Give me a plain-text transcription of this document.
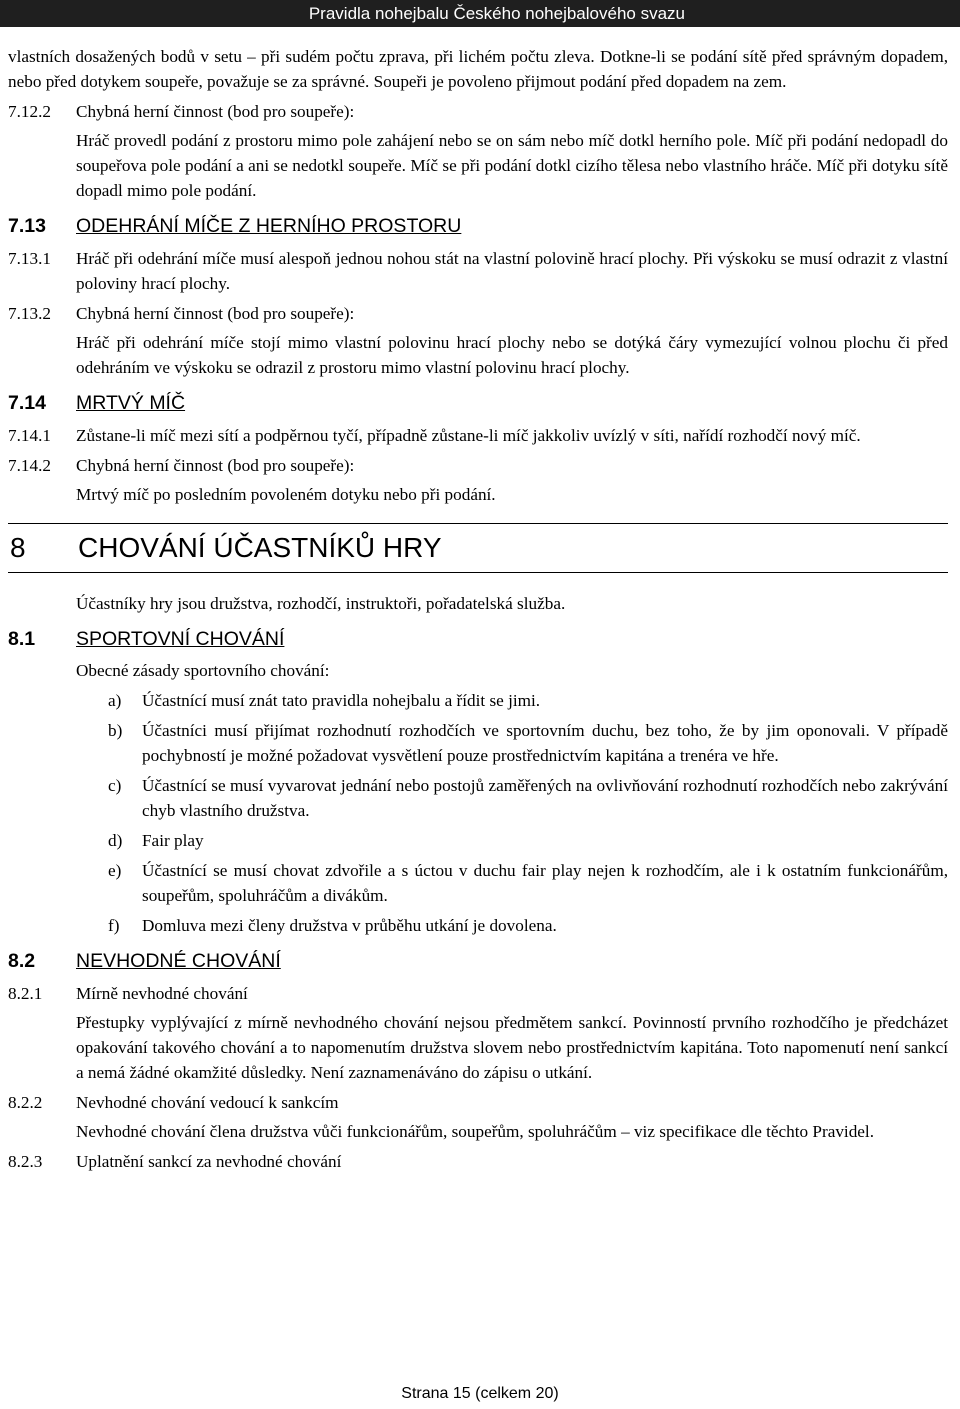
Pravidla nohejbalu Českého nohejbalového svazu

vlastních dosažených bodů v setu – při sudém počtu zprava, při lichém počtu zleva. Dotkne-li se podání sítě před správným dopadem, nebo před dotykem soupeře, považuje se za správné. Soupeři je povoleno přijmout podání před dopadem na zem.

7.12.2	Chybná herní činnost (bod pro soupeře):

Hráč provedl podání z prostoru mimo pole zahájení nebo se on sám nebo míč dotkl herního pole. Míč při podání nedopadl do soupeřova pole podání a ani se nedotkl soupeře. Míč se při podání dotkl cizího tělesa nebo vlastního hráče. Míč při dotyku sítě dopadl mimo pole podání.

7.13	ODEHRÁNÍ MÍČE Z HERNÍHO PROSTORU
7.13.1	Hráč při odehrání míče musí alespoň jednou nohou stát na vlastní polovině hrací plochy. Při výskoku se musí odrazit z vlastní poloviny hrací plochy.
7.13.2	Chybná herní činnost (bod pro soupeře):

Hráč při odehrání míče stojí mimo vlastní polovinu hrací plochy nebo se dotýká čáry vymezující volnou plochu či před odehráním ve výskoku se odrazil z prostoru mimo vlastní polovinu hrací plochy.

7.14	MRTVÝ MÍČ
7.14.1	Zůstane-li míč mezi sítí a podpěrnou tyčí, případně zůstane-li míč jakkoliv uvízlý v síti, nařídí rozhodčí nový míč.
7.14.2	Chybná herní činnost (bod pro soupeře):

Mrtvý míč po posledním povoleném dotyku nebo při podání.

8	CHOVÁNÍ ÚČASTNÍKŮ HRY

Účastníky hry jsou družstva, rozhodčí, instruktoři, pořadatelská služba.

8.1	SPORTOVNÍ CHOVÁNÍ

Obecné zásady sportovního chování:

a)	Účastnící musí znát tato pravidla nohejbalu a řídit se jimi.
b)	Účastníci musí přijímat rozhodnutí rozhodčích ve sportovním duchu, bez toho, že by jim oponovali. V případě pochybností je možné požadovat vysvětlení pouze prostřednictvím kapitána a trenéra ve hře.
c)	Účastnící se musí vyvarovat jednání nebo postojů zaměřených na ovlivňování rozhodnutí rozhodčích nebo zakrývání chyb vlastního družstva.
d)	Fair play
e)	Účastnící se musí chovat zdvořile a s úctou v duchu fair play nejen k rozhodčím, ale i k ostatním funkcionářům, soupeřům, spoluhráčům a divákům.
f)	Domluva mezi členy družstva v průběhu utkání je dovolena.
8.2	NEVHODNÉ CHOVÁNÍ
8.2.1	Mírně nevhodné chování

Přestupky vyplývající z mírně nevhodného chování nejsou předmětem sankcí. Povinností prvního rozhodčího je předcházet opakování takového chování a to napomenutím družstva slovem nebo prostřednictvím kapitána. Toto napomenutí není sankcí a nemá žádné okamžité důsledky. Není zaznamenáváno do zápisu o utkání.

8.2.2	Nevhodné chování vedoucí k sankcím

Nevhodné chování člena družstva vůči funkcionářům, soupeřům, spoluhráčům – viz specifikace dle těchto Pravidel.

8.2.3	Uplatnění sankcí za nevhodné chování
Strana 15 (celkem 20)
